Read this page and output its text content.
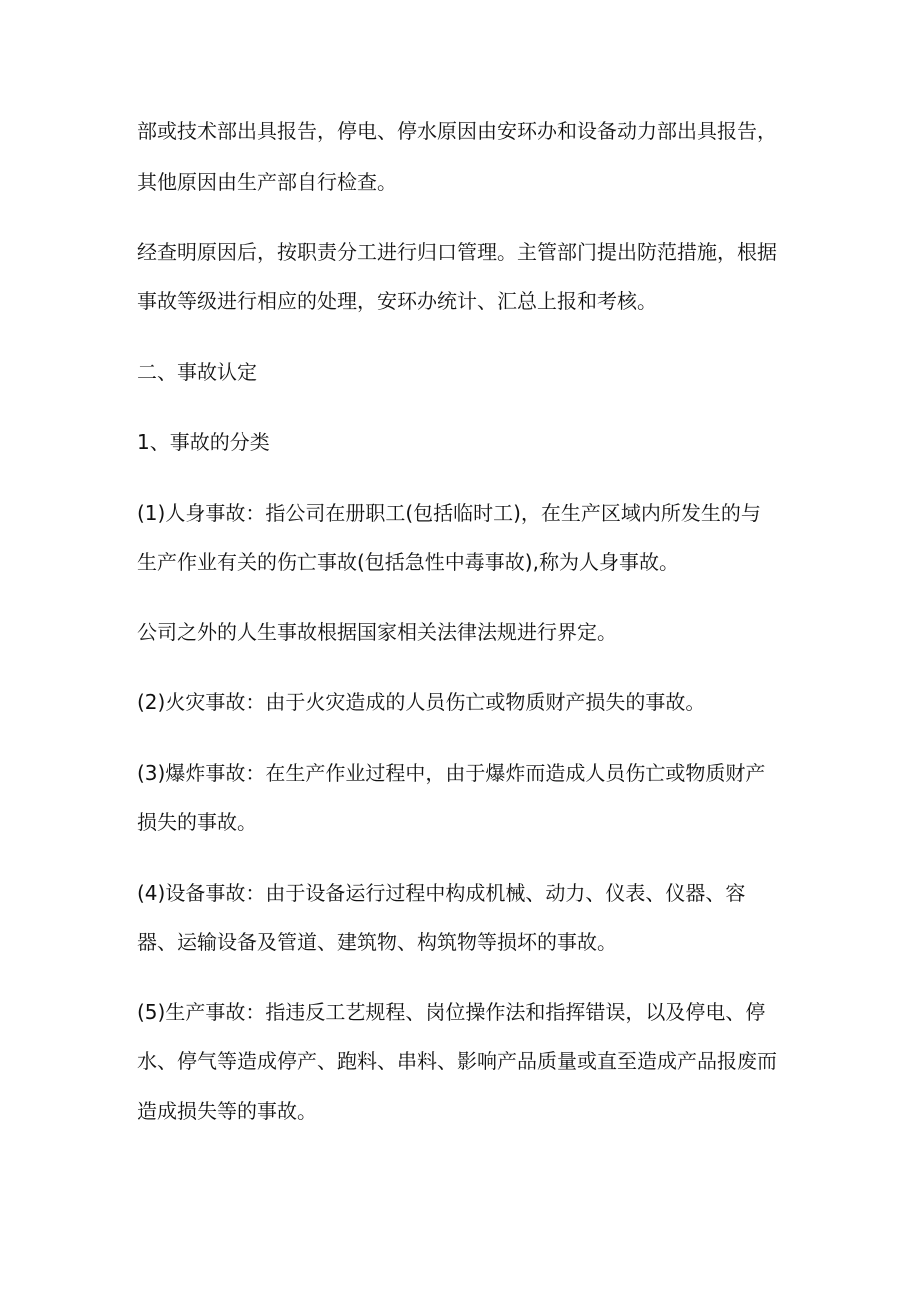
部或技术部出具报告，停电、停水原因由安环办和设备动力部出具报告，
其他原因由生产部自行检查。
经查明原因后，按职责分工进行归口管理。主管部门提出防范措施，根据
事故等级进行相应的处理，安环办统计、汇总上报和考核。
二、事故认定
1、事故的分类
(1)人身事故：指公司在册职工(包括临时工)，在生产区域内所发生的与
生产作业有关的伤亡事故(包括急性中毒事故),称为人身事故。
公司之外的人生事故根据国家相关法律法规进行界定。
(2)火灾事故：由于火灾造成的人员伤亡或物质财产损失的事故。
(3)爆炸事故：在生产作业过程中，由于爆炸而造成人员伤亡或物质财产
损失的事故。
(4)设备事故：由于设备运行过程中构成机械、动力、仪表、仪器、容
器、运输设备及管道、建筑物、构筑物等损坏的事故。
(5)生产事故：指违反工艺规程、岗位操作法和指挥错误，以及停电、停
水、停气等造成停产、跑料、串料、影响产品质量或直至造成产品报废而
造成损失等的事故。
